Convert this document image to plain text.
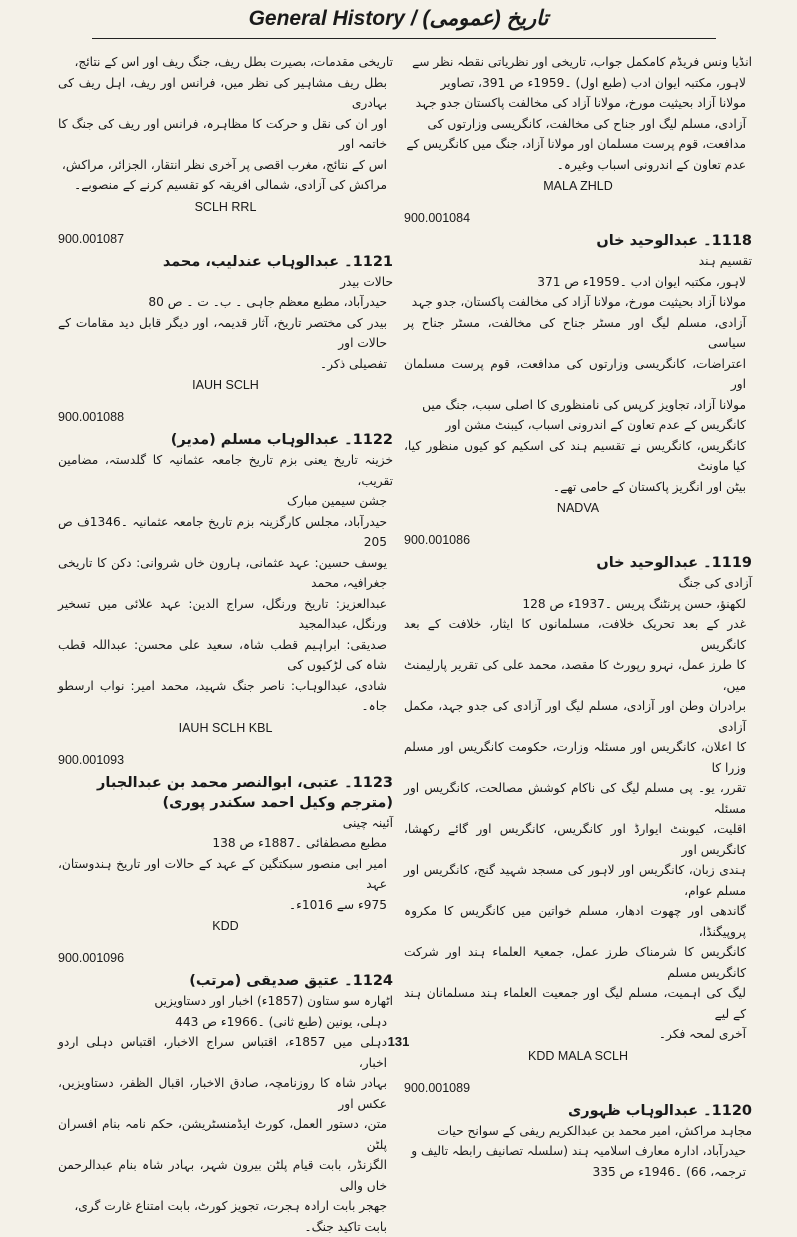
General History / (عمومی) تاریخ
انڈیا ونس فریڈم کامکمل جواب، تاریخی اور نظریاتی نقطہ نظر سے
لاہور، مکتبہ ایوان ادب (طبع اول) ۔1959ء ص 391، تصاویر
مولانا آزاد بحیثیت مورخ، مولانا آزاد کی مخالفت پاکستان جدو جہد
آزادی، مسلم لیگ اور جناح کی مخالفت، کانگریسی وزارتوں کی
مدافعت، قوم پرست مسلمان اور مولانا آزاد، جنگ میں کانگریس کے
عدم تعاون کے اندرونی اسباب وغیرہ۔
MALA ZHLD
900.001084
1118۔ عبدالوحید خاں
تقسیم ہند
لاہور، مکتبہ ایوان ادب ۔1959ء ص 371
مولانا آزاد بحیثیت مورخ، مولانا آزاد کی مخالفت پاکستان، جدو جہد
آزادی، مسلم لیگ اور مسٹر جناح کی مخالفت، مسٹر جناح پر سیاسی
اعتراضات، کانگریسی وزارتوں کی مدافعت، قوم پرست مسلمان اور
مولانا آزاد، تجاویز کرپس کی نامنظوری کا اصلی سبب، جنگ میں
کانگریس کے عدم تعاون کے اندرونی اسباب، کیبنٹ مشن اور
کانگریس، کانگریس نے تقسیم ہند کی اسکیم کو کیوں منظور کیا، کیا ماونٹ
بیٹن اور انگریز پاکستان کے حامی تھے۔
NADVA
900.001086
1119۔ عبدالوحید خاں
آزادی کی جنگ
لکھنؤ، حسن پرنٹنگ پریس ۔1937ء ص 128
غدر کے بعد تحریک خلافت، مسلمانوں کا ایثار، خلافت کے بعد کانگریس
کا طرز عمل، نہرو رپورٹ کا مقصد، محمد علی کی تقریر پارلیمنٹ میں،
برادران وطن اور آزادی، مسلم لیگ اور آزادی کی جدو جہد، مکمل آزادی
کا اعلان، کانگریس اور مسئلہ وزارت، حکومت کانگریس اور مسلم وزرا کا
تقرر، یو۔ پی مسلم لیگ کی ناکام کوشش مصالحت، کانگریس اور مسئلہ
اقلیت، کیوبنٹ ایوارڈ اور کانگریس، کانگریس اور گائے رکھشا، کانگریس اور
ہندی زبان، کانگریس اور لاہور کی مسجد شہید گنج، کانگریس اور مسلم عوام،
گاندھی اور چھوت ادھار، مسلم خواتین میں کانگریس کا مکروہ پروپیگنڈا،
کانگریس کا شرمناک طرز عمل، جمعیۃ العلماء ہند اور شرکت کانگریس مسلم
لیگ کی اہمیت، مسلم لیگ اور جمعیت العلماء ہند مسلمانان ہند کے لیے
آخری لمحہ فکر۔
KDD MALA SCLH
900.001089
1120۔ عبدالوہاب ظہوری
مجاہد مراکش، امیر محمد بن عبدالکریم ریفی کے سوانح حیات
حیدرآباد، ادارہ معارف اسلامیہ ہند (سلسلہ تصانیف رابطہ تالیف و
ترجمہ، 66) ۔1946ء ص 335
تاریخی مقدمات، بصیرت بطل ریف، جنگ ریف اور اس کے نتائج،
بطل ریف مشاہیر کی نظر میں، فرانس اور ریف، اہل ریف کی بہادری
اور ان کی نقل و حرکت کا مظاہرہ، فرانس اور ریف کی جنگ کا خاتمہ اور
اس کے نتائج، مغرب اقصی پر آخری نظر انتقار، الجزائر، مراکش،
مراکش کی آزادی، شمالی افریقہ کو تقسیم کرنے کے منصوبے۔
SCLH RRL
900.001087
1121۔ عبدالوہاب عندلیب، محمد
حالات بیدر
حیدرآباد، مطبع معظم جاہی ۔ ب۔ ت ۔ ص 80
بیدر کی مختصر تاریخ، آثار قدیمہ، اور دیگر قابل دید مقامات کے حالات اور
تفصیلی ذکر۔
IAUH SCLH
900.001088
1122۔ عبدالوہاب مسلم (مدیر)
خزینہ تاریخ یعنی بزم تاریخ جامعہ عثمانیہ کا گلدستہ، مضامین تقریب،
جشن سیمین مبارک
حیدرآباد، مجلس کارگزینہ بزم تاریخ جامعہ عثمانیہ ۔1346ف ص 205
یوسف حسین: عہد عثمانی، ہارون خاں شروانی: دکن کا تاریخی جغرافیہ، محمد
عبدالعزیز: تاریخ ورنگل، سراج الدین: عہد علائی میں تسخیر ورنگل، عبدالمجید
صدیقی: ابراہیم قطب شاہ، سعید علی محسن: عبداللہ قطب شاہ کی لڑکیوں کی
شادی، عبدالوہاب: ناصر جنگ شہید، محمد امیر: نواب ارسطو جاہ۔
IAUH SCLH KBL
900.001093
1123۔ عتبی، ابوالنصر محمد بن عبدالجبار (مترجم وکیل احمد سکندر پوری)
آئینہ چینی
مطبع مصطفائی ۔1887ء ص 138
امیر ابی منصور سبکتگین کے عہد کے حالات اور تاریخ ہندوستان، عہد
975ء سے 1016ء۔
KDD
900.001096
1124۔ عتیق صدیقی (مرتب)
اٹھارہ سو ستاون (1857ء) اخبار اور دستاویزیں
دہلی، یونین (طبع ثانی) ۔1966ء ص 443
دہلی میں 1857ء، اقتباس سراج الاخبار، اقتباس دہلی اردو اخبار،
بہادر شاہ کا روزنامچہ، صادق الاخبار، اقبال الظفر، دستاویزیں، عکس اور
متن، دستور العمل، کورٹ ایڈمنسٹریشن، حکم نامہ بنام افسران پلٹن
الگزنڈر، بابت قیام پلٹن بیرون شہر، بہادر شاہ بنام عبدالرحمن خاں والی
جھجر بابت ارادہ ہجرت، تجویز کورٹ، بابت امتناع غارت گری،
بابت تاکید جنگ۔
131
